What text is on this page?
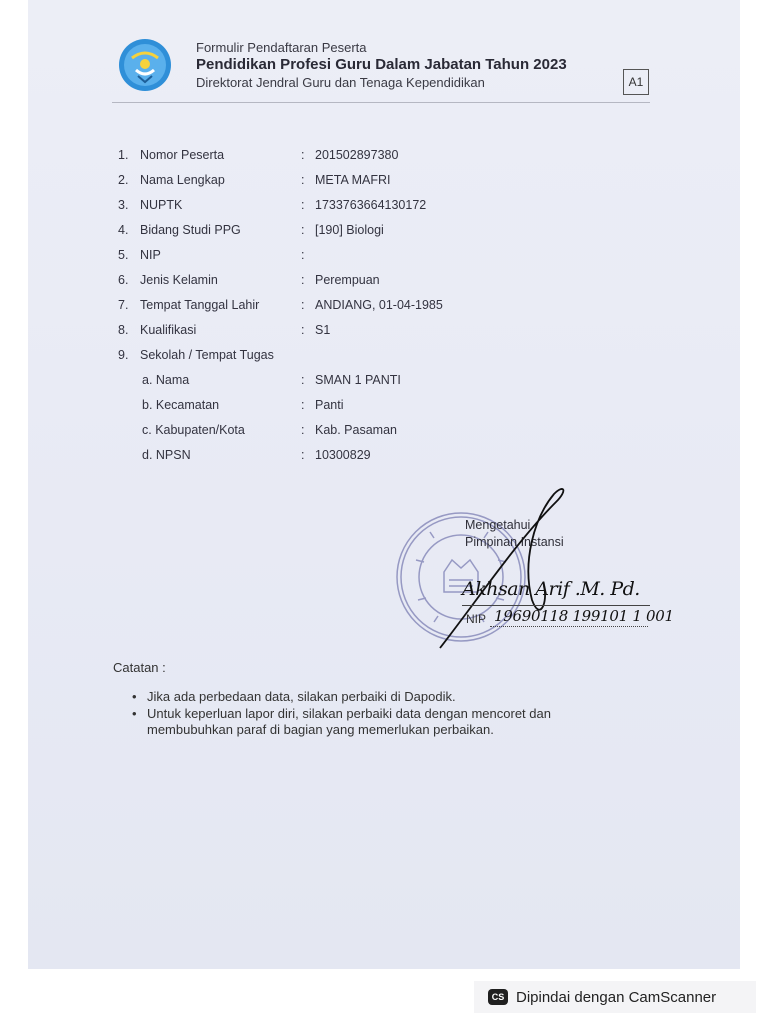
Formulir Pendaftaran Peserta
Pendidikan Profesi Guru Dalam Jabatan Tahun 2023
Direktorat Jendral Guru dan Tenaga Kependidikan	A1
1. Nomor Peserta	: 201502897380
2. Nama Lengkap	: META MAFRI
3. NUPTK	: 1733763664130172
4. Bidang Studi PPG	: [190] Biologi
5. NIP	:
6. Jenis Kelamin	: Perempuan
7. Tempat Tanggal Lahir	: ANDIANG, 01-04-1985
8. Kualifikasi	: S1
9. Sekolah / Tempat Tugas
a. Nama	: SMAN 1 PANTI
b. Kecamatan	: Panti
c. Kabupaten/Kota	: Kab. Pasaman
d. NPSN	: 10300829
Mengetahui
Pimpinan Instansi
Akhsan Arif .M. Pd.
NIP 19690118 199101 1 001
Catatan :
• Jika ada perbedaan data, silakan perbaiki di Dapodik.
• Untuk keperluan lapor diri, silakan perbaiki data dengan mencoret dan membubuhkan paraf di bagian yang memerlukan perbaikan.
CS Dipindai dengan CamScanner
